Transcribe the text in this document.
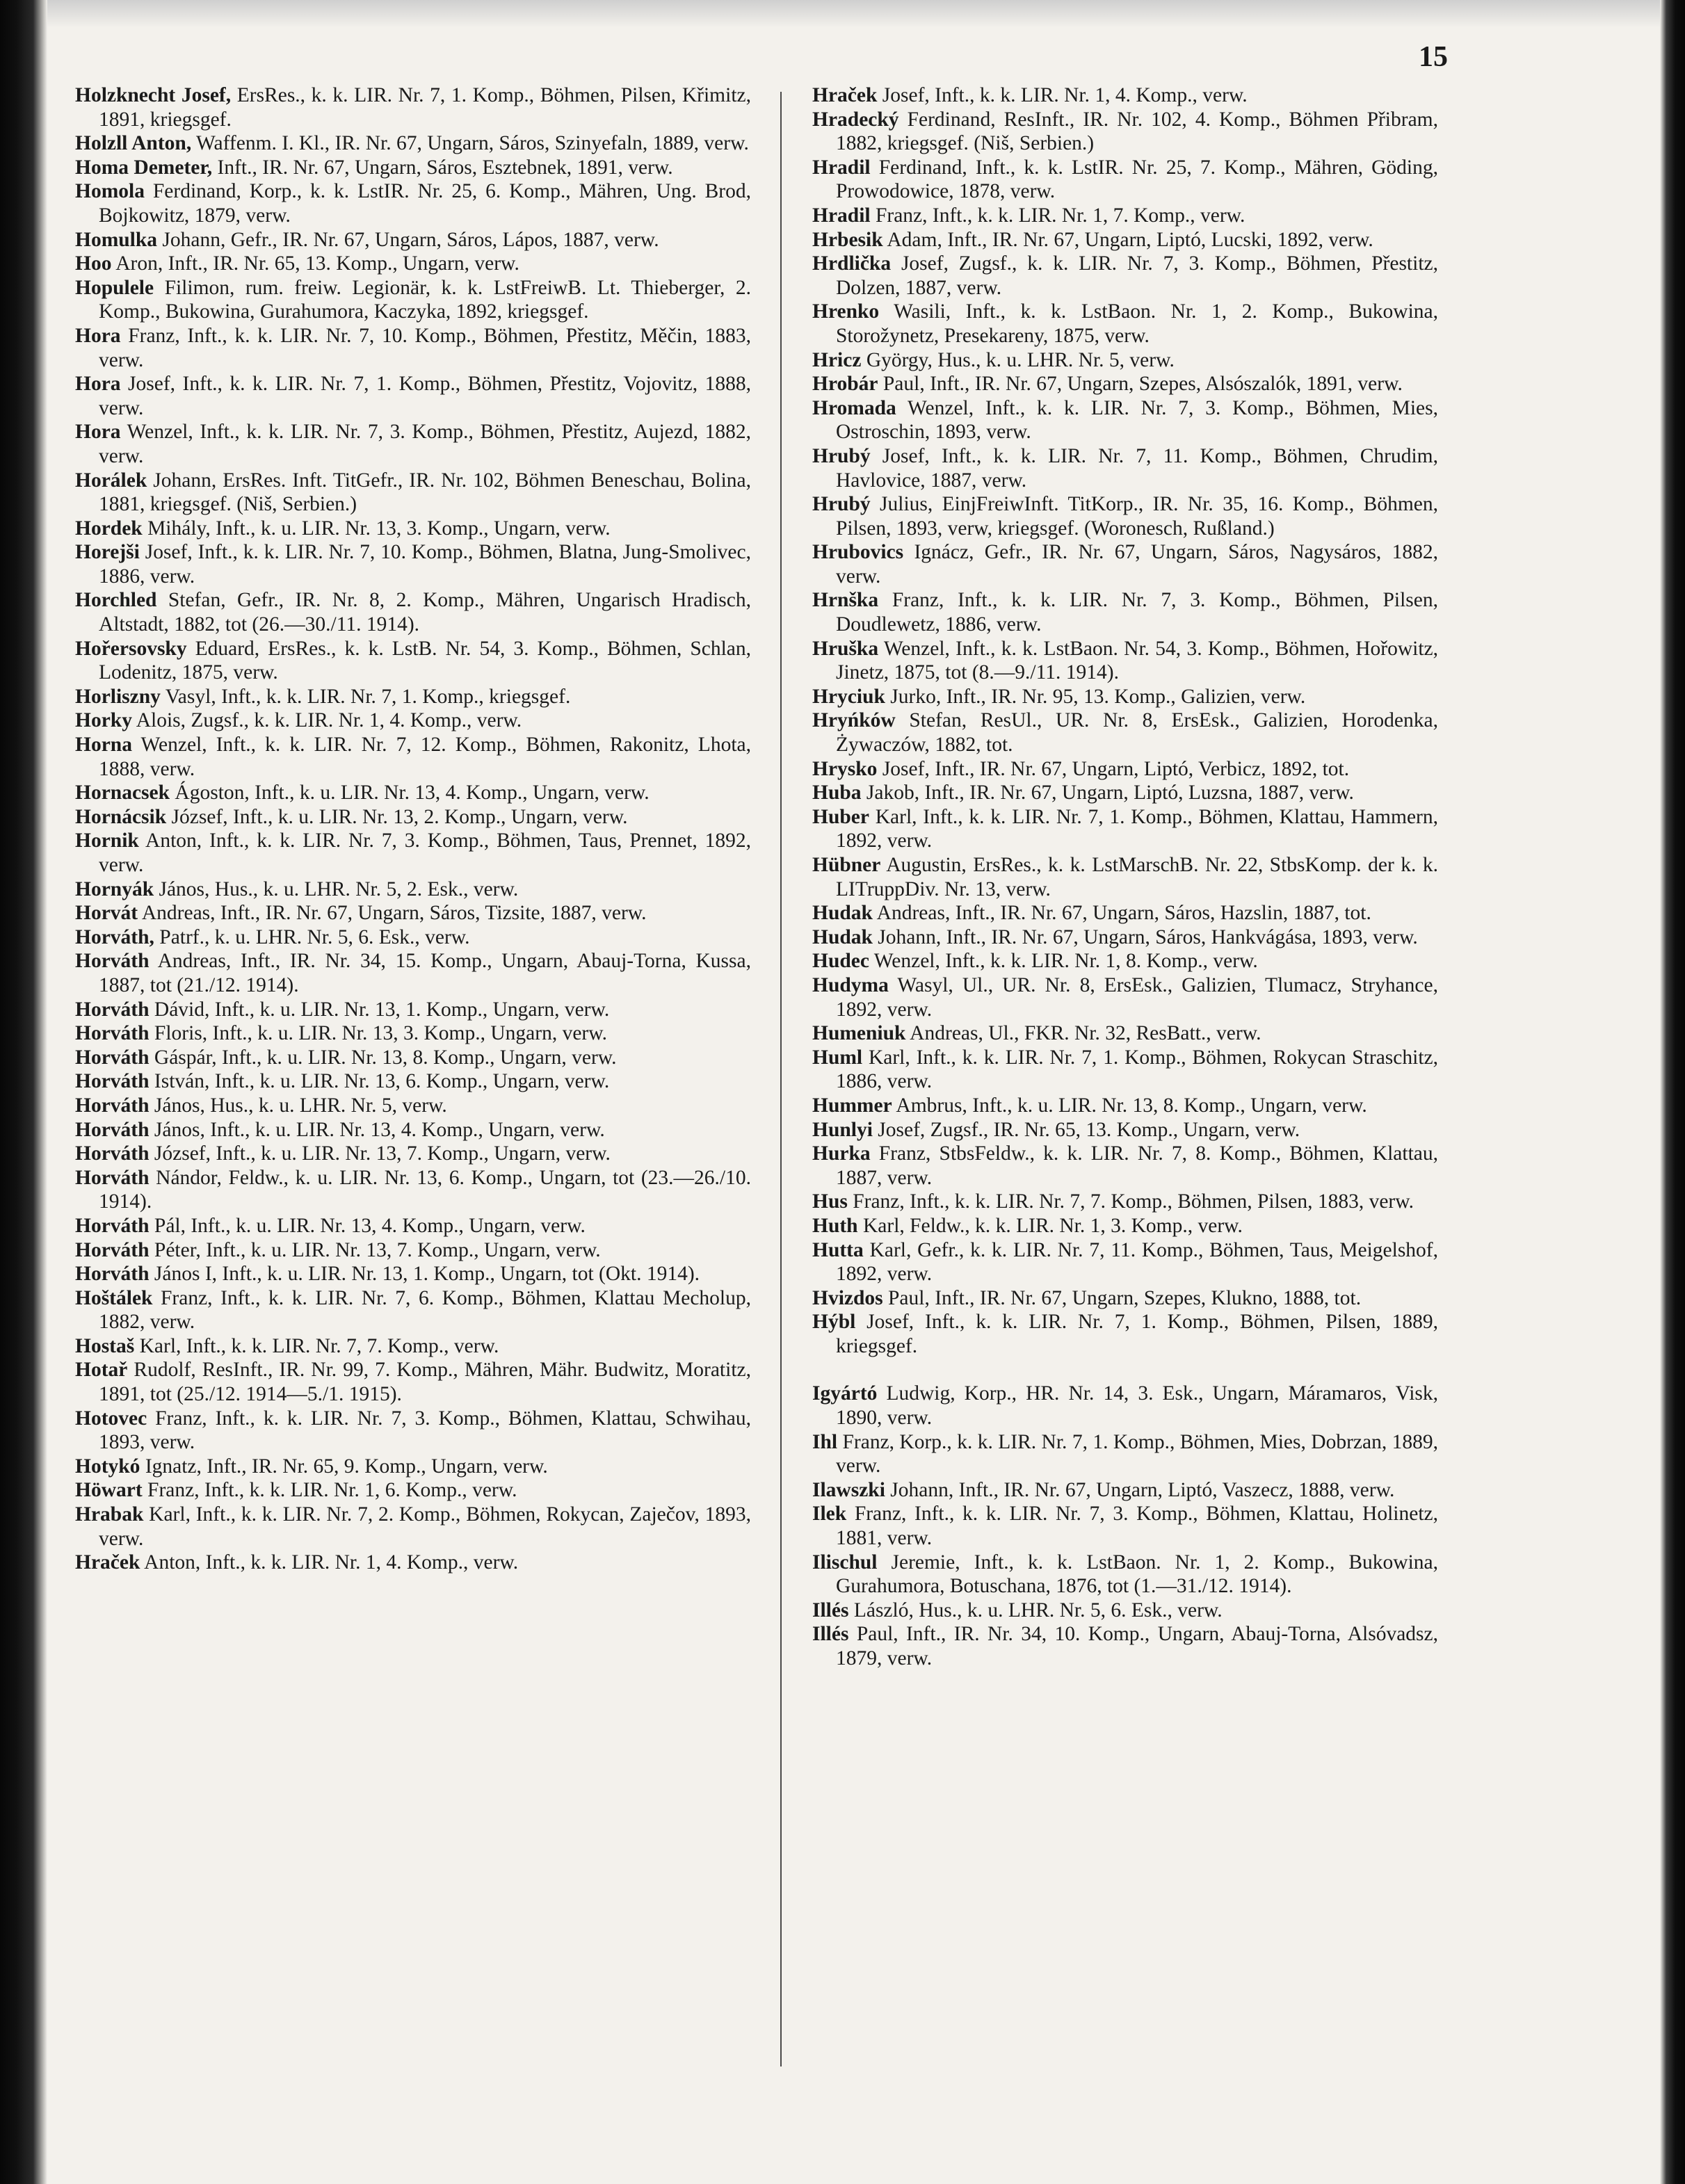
15

Holzknecht Josef, ErsRes., k. k. LIR. Nr. 7, 1. Komp., Böhmen, Pilsen, Křimitz, 1891, kriegsgef.

Holzll Anton, Waffenm. I. Kl., IR. Nr. 67, Ungarn, Sáros, Szinyefaln, 1889, verw.

Homa Demeter, Inft., IR. Nr. 67, Ungarn, Sáros, Esztebnek, 1891, verw.

Homola Ferdinand, Korp., k. k. LstIR. Nr. 25, 6. Komp., Mähren, Ung. Brod, Bojkowitz, 1879, verw.

Homulka Johann, Gefr., IR. Nr. 67, Ungarn, Sáros, Lápos, 1887, verw.

Hoo Aron, Inft., IR. Nr. 65, 13. Komp., Ungarn, verw.

Hopulele Filimon, rum. freiw. Legionär, k. k. LstFreiwB. Lt. Thieberger, 2. Komp., Bukowina, Gurahumora, Kaczyka, 1892, kriegsgef.

Hora Franz, Inft., k. k. LIR. Nr. 7, 10. Komp., Böhmen, Přestitz, Měčin, 1883, verw.

Hora Josef, Inft., k. k. LIR. Nr. 7, 1. Komp., Böhmen, Přestitz, Vojovitz, 1888, verw.

Hora Wenzel, Inft., k. k. LIR. Nr. 7, 3. Komp., Böhmen, Přestitz, Aujezd, 1882, verw.

Horálek Johann, ErsRes. Inft. TitGefr., IR. Nr. 102, Böhmen Beneschau, Bolina, 1881, kriegsgef. (Niš, Serbien.)

Hordek Mihály, Inft., k. u. LIR. Nr. 13, 3. Komp., Ungarn, verw.

Horejši Josef, Inft., k. k. LIR. Nr. 7, 10. Komp., Böhmen, Blatna, Jung-Smolivec, 1886, verw.

Horchled Stefan, Gefr., IR. Nr. 8, 2. Komp., Mähren, Ungarisch Hradisch, Altstadt, 1882, tot (26.—30./11. 1914).

Hořersovsky Eduard, ErsRes., k. k. LstB. Nr. 54, 3. Komp., Böhmen, Schlan, Lodenitz, 1875, verw.

Horliszny Vasyl, Inft., k. k. LIR. Nr. 7, 1. Komp., kriegsgef.

Horky Alois, Zugsf., k. k. LIR. Nr. 1, 4. Komp., verw.

Horna Wenzel, Inft., k. k. LIR. Nr. 7, 12. Komp., Böhmen, Rakonitz, Lhota, 1888, verw.

Hornacsek Ágoston, Inft., k. u. LIR. Nr. 13, 4. Komp., Ungarn, verw.

Hornácsik József, Inft., k. u. LIR. Nr. 13, 2. Komp., Ungarn, verw.

Hornik Anton, Inft., k. k. LIR. Nr. 7, 3. Komp., Böhmen, Taus, Prennet, 1892, verw.

Hornyák János, Hus., k. u. LHR. Nr. 5, 2. Esk., verw.

Horvát Andreas, Inft., IR. Nr. 67, Ungarn, Sáros, Tizsite, 1887, verw.

Horváth, Patrf., k. u. LHR. Nr. 5, 6. Esk., verw.

Horváth Andreas, Inft., IR. Nr. 34, 15. Komp., Ungarn, Abauj-Torna, Kussa, 1887, tot (21./12. 1914).

Horváth Dávid, Inft., k. u. LIR. Nr. 13, 1. Komp., Ungarn, verw.

Horváth Floris, Inft., k. u. LIR. Nr. 13, 3. Komp., Ungarn, verw.

Horváth Gáspár, Inft., k. u. LIR. Nr. 13, 8. Komp., Ungarn, verw.

Horváth István, Inft., k. u. LIR. Nr. 13, 6. Komp., Ungarn, verw.

Horváth János, Hus., k. u. LHR. Nr. 5, verw.

Horváth János, Inft., k. u. LIR. Nr. 13, 4. Komp., Ungarn, verw.

Horváth József, Inft., k. u. LIR. Nr. 13, 7. Komp., Ungarn, verw.

Horváth Nándor, Feldw., k. u. LIR. Nr. 13, 6. Komp., Ungarn, tot (23.—26./10. 1914).

Horváth Pál, Inft., k. u. LIR. Nr. 13, 4. Komp., Ungarn, verw.

Horváth Péter, Inft., k. u. LIR. Nr. 13, 7. Komp., Ungarn, verw.

Horváth János I, Inft., k. u. LIR. Nr. 13, 1. Komp., Ungarn, tot (Okt. 1914).

Hoštálek Franz, Inft., k. k. LIR. Nr. 7, 6. Komp., Böhmen, Klattau Mecholup, 1882, verw.

Hostaš Karl, Inft., k. k. LIR. Nr. 7, 7. Komp., verw.

Hotař Rudolf, ResInft., IR. Nr. 99, 7. Komp., Mähren, Mähr. Budwitz, Moratitz, 1891, tot (25./12. 1914—5./1. 1915).

Hotovec Franz, Inft., k. k. LIR. Nr. 7, 3. Komp., Böhmen, Klattau, Schwihau, 1893, verw.

Hotykó Ignatz, Inft., IR. Nr. 65, 9. Komp., Ungarn, verw.

Höwart Franz, Inft., k. k. LIR. Nr. 1, 6. Komp., verw.

Hrabak Karl, Inft., k. k. LIR. Nr. 7, 2. Komp., Böhmen, Rokycan, Zaječov, 1893, verw.

Hraček Anton, Inft., k. k. LIR. Nr. 1, 4. Komp., verw.

Hraček Josef, Inft., k. k. LIR. Nr. 1, 4. Komp., verw.

Hradecký Ferdinand, ResInft., IR. Nr. 102, 4. Komp., Böhmen Přibram, 1882, kriegsgef. (Niš, Serbien.)

Hradil Ferdinand, Inft., k. k. LstIR. Nr. 25, 7. Komp., Mähren, Göding, Prowodowice, 1878, verw.

Hradil Franz, Inft., k. k. LIR. Nr. 1, 7. Komp., verw.

Hrbesik Adam, Inft., IR. Nr. 67, Ungarn, Liptó, Lucski, 1892, verw.

Hrdlička Josef, Zugsf., k. k. LIR. Nr. 7, 3. Komp., Böhmen, Přestitz, Dolzen, 1887, verw.

Hrenko Wasili, Inft., k. k. LstBaon. Nr. 1, 2. Komp., Bukowina, Storožynetz, Presekareny, 1875, verw.

Hricz György, Hus., k. u. LHR. Nr. 5, verw.

Hrobár Paul, Inft., IR. Nr. 67, Ungarn, Szepes, Alsószalók, 1891, verw.

Hromada Wenzel, Inft., k. k. LIR. Nr. 7, 3. Komp., Böhmen, Mies, Ostroschin, 1893, verw.

Hrubý Josef, Inft., k. k. LIR. Nr. 7, 11. Komp., Böhmen, Chrudim, Havlovice, 1887, verw.

Hrubý Julius, EinjFreiwInft. TitKorp., IR. Nr. 35, 16. Komp., Böhmen, Pilsen, 1893, verw, kriegsgef. (Woronesch, Rußland.)

Hrubovics Ignácz, Gefr., IR. Nr. 67, Ungarn, Sáros, Nagysáros, 1882, verw.

Hrnška Franz, Inft., k. k. LIR. Nr. 7, 3. Komp., Böhmen, Pilsen, Doudlewetz, 1886, verw.

Hruška Wenzel, Inft., k. k. LstBaon. Nr. 54, 3. Komp., Böhmen, Hořowitz, Jinetz, 1875, tot (8.—9./11. 1914).

Hryciuk Jurko, Inft., IR. Nr. 95, 13. Komp., Galizien, verw.

Hryńków Stefan, ResUl., UR. Nr. 8, ErsEsk., Galizien, Horodenka, Żywaczów, 1882, tot.

Hrysko Josef, Inft., IR. Nr. 67, Ungarn, Liptó, Verbicz, 1892, tot.

Huba Jakob, Inft., IR. Nr. 67, Ungarn, Liptó, Luzsna, 1887, verw.

Huber Karl, Inft., k. k. LIR. Nr. 7, 1. Komp., Böhmen, Klattau, Hammern, 1892, verw.

Hübner Augustin, ErsRes., k. k. LstMarschB. Nr. 22, StbsKomp. der k. k. LITruppDiv. Nr. 13, verw.

Hudak Andreas, Inft., IR. Nr. 67, Ungarn, Sáros, Hazslin, 1887, tot.

Hudak Johann, Inft., IR. Nr. 67, Ungarn, Sáros, Hankvágása, 1893, verw.

Hudec Wenzel, Inft., k. k. LIR. Nr. 1, 8. Komp., verw.

Hudyma Wasyl, Ul., UR. Nr. 8, ErsEsk., Galizien, Tlumacz, Stryhance, 1892, verw.

Humeniuk Andreas, Ul., FKR. Nr. 32, ResBatt., verw.

Huml Karl, Inft., k. k. LIR. Nr. 7, 1. Komp., Böhmen, Rokycan Straschitz, 1886, verw.

Hummer Ambrus, Inft., k. u. LIR. Nr. 13, 8. Komp., Ungarn, verw.

Hunlyi Josef, Zugsf., IR. Nr. 65, 13. Komp., Ungarn, verw.

Hurka Franz, StbsFeldw., k. k. LIR. Nr. 7, 8. Komp., Böhmen, Klattau, 1887, verw.

Hus Franz, Inft., k. k. LIR. Nr. 7, 7. Komp., Böhmen, Pilsen, 1883, verw.

Huth Karl, Feldw., k. k. LIR. Nr. 1, 3. Komp., verw.

Hutta Karl, Gefr., k. k. LIR. Nr. 7, 11. Komp., Böhmen, Taus, Meigelshof, 1892, verw.

Hvizdos Paul, Inft., IR. Nr. 67, Ungarn, Szepes, Klukno, 1888, tot.

Hýbl Josef, Inft., k. k. LIR. Nr. 7, 1. Komp., Böhmen, Pilsen, 1889, kriegsgef.

Igyártó Ludwig, Korp., HR. Nr. 14, 3. Esk., Ungarn, Máramaros, Visk, 1890, verw.

Ihl Franz, Korp., k. k. LIR. Nr. 7, 1. Komp., Böhmen, Mies, Dobrzan, 1889, verw.

Ilawszki Johann, Inft., IR. Nr. 67, Ungarn, Liptó, Vaszecz, 1888, verw.

Ilek Franz, Inft., k. k. LIR. Nr. 7, 3. Komp., Böhmen, Klattau, Holinetz, 1881, verw.

Ilischul Jeremie, Inft., k. k. LstBaon. Nr. 1, 2. Komp., Bukowina, Gurahumora, Botuschana, 1876, tot (1.—31./12. 1914).

Illés László, Hus., k. u. LHR. Nr. 5, 6. Esk., verw.

Illés Paul, Inft., IR. Nr. 34, 10. Komp., Ungarn, Abauj-Torna, Alsóvadsz, 1879, verw.
